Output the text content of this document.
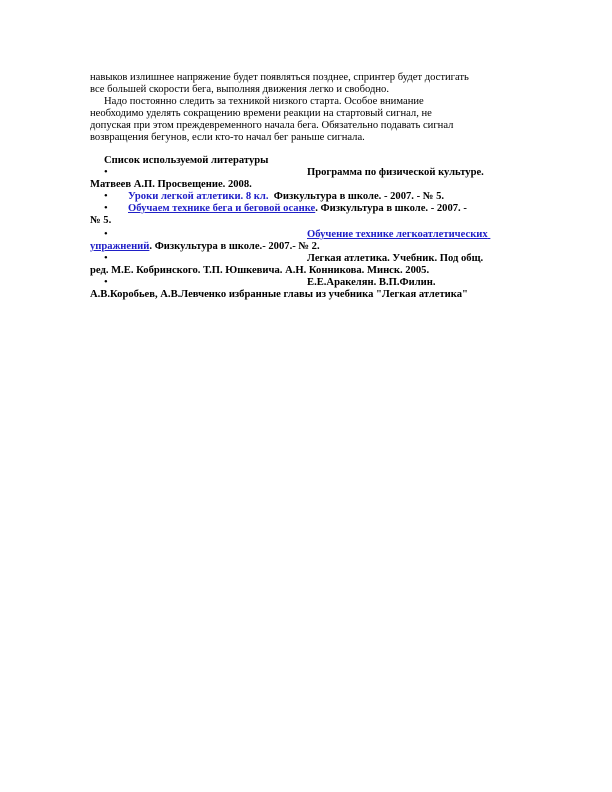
навыков излишнее напряжение будет появляться позднее, спринтер будет достигать
все большей скорости бега, выполняя движения легко и свободно.
Надо постоянно следить за техникой низкого старта. Особое внимание
необходимо уделять сокращению времени реакции на стартовый сигнал, не
допуская при этом преждевременного начала бега. Обязательно подавать сигнал
возвращения бегунов, если кто-то начал бег раньше сигнала.
Список используемой литературы
•	Программа по физической культуре.
Матвеев А.П. Просвещение. 2008.
• Уроки легкой атлетики. 8 кл. Физкультура в школе. - 2007. - № 5.
• Обучаем технике бега и беговой осанке. Физкультура в школе. - 2007. -
№ 5.
•	Обучение технике легкоатлетических
упражнений. Физкультура в школе.- 2007.- № 2.
•	Легкая атлетика. Учебник. Под общ.
ред. М.Е. Кобринского. Т.П. Юшкевича. А.Н. Конникова. Минск. 2005.
•	Е.Е.Аракелян. В.П.Филин.
А.В.Коробьев, А.В.Левченко избранные главы из учебника "Легкая атлетика"
